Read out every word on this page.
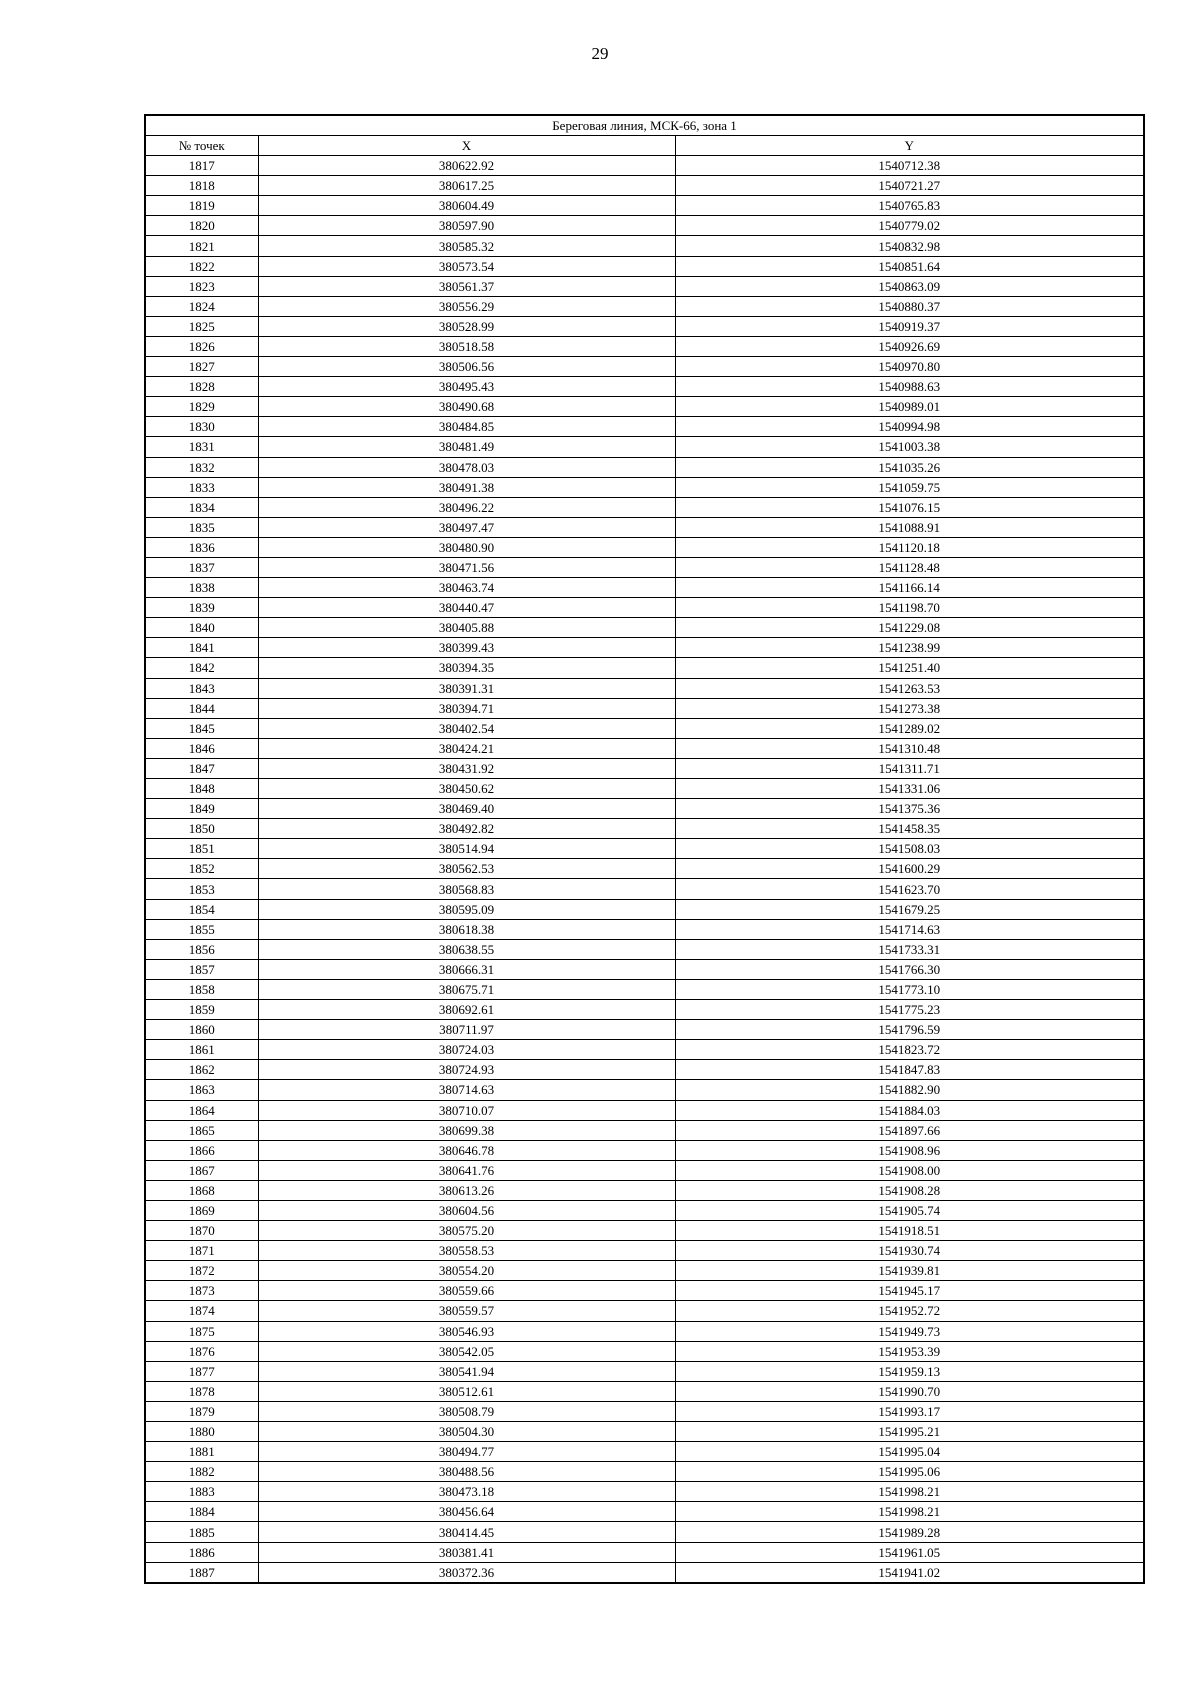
29
Береговая линия, МСК-66, зона 1		
№ точек	X	Y
1817	380622.92	1540712.38
1818	380617.25	1540721.27
1819	380604.49	1540765.83
1820	380597.90	1540779.02
1821	380585.32	1540832.98
1822	380573.54	1540851.64
1823	380561.37	1540863.09
1824	380556.29	1540880.37
1825	380528.99	1540919.37
1826	380518.58	1540926.69
1827	380506.56	1540970.80
1828	380495.43	1540988.63
1829	380490.68	1540989.01
1830	380484.85	1540994.98
1831	380481.49	1541003.38
1832	380478.03	1541035.26
1833	380491.38	1541059.75
1834	380496.22	1541076.15
1835	380497.47	1541088.91
1836	380480.90	1541120.18
1837	380471.56	1541128.48
1838	380463.74	1541166.14
1839	380440.47	1541198.70
1840	380405.88	1541229.08
1841	380399.43	1541238.99
1842	380394.35	1541251.40
1843	380391.31	1541263.53
1844	380394.71	1541273.38
1845	380402.54	1541289.02
1846	380424.21	1541310.48
1847	380431.92	1541311.71
1848	380450.62	1541331.06
1849	380469.40	1541375.36
1850	380492.82	1541458.35
1851	380514.94	1541508.03
1852	380562.53	1541600.29
1853	380568.83	1541623.70
1854	380595.09	1541679.25
1855	380618.38	1541714.63
1856	380638.55	1541733.31
1857	380666.31	1541766.30
1858	380675.71	1541773.10
1859	380692.61	1541775.23
1860	380711.97	1541796.59
1861	380724.03	1541823.72
1862	380724.93	1541847.83
1863	380714.63	1541882.90
1864	380710.07	1541884.03
1865	380699.38	1541897.66
1866	380646.78	1541908.96
1867	380641.76	1541908.00
1868	380613.26	1541908.28
1869	380604.56	1541905.74
1870	380575.20	1541918.51
1871	380558.53	1541930.74
1872	380554.20	1541939.81
1873	380559.66	1541945.17
1874	380559.57	1541952.72
1875	380546.93	1541949.73
1876	380542.05	1541953.39
1877	380541.94	1541959.13
1878	380512.61	1541990.70
1879	380508.79	1541993.17
1880	380504.30	1541995.21
1881	380494.77	1541995.04
1882	380488.56	1541995.06
1883	380473.18	1541998.21
1884	380456.64	1541998.21
1885	380414.45	1541989.28
1886	380381.41	1541961.05
1887	380372.36	1541941.02
